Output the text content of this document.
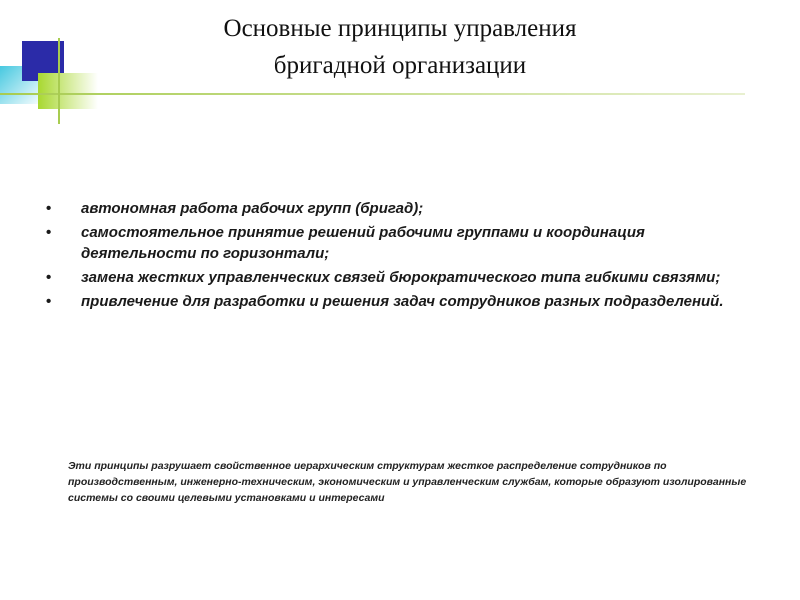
Основные принципы управления
бригадной организации
• автономная работа рабочих групп (бригад);
• самостоятельное принятие решений рабочими группами и координация деятельности по горизонтали;
• замена жестких управленческих связей бюрократического типа гибкими связями;
• привлечение для разработки и решения задач сотрудников разных подразделений.

Эти принципы разрушает свойственное иерархическим структурам жесткое распределение сотрудников по производственным, инженерно-техническим, экономическим и управленческим службам, которые образуют изолированные системы со своими целевыми установками и интересами
